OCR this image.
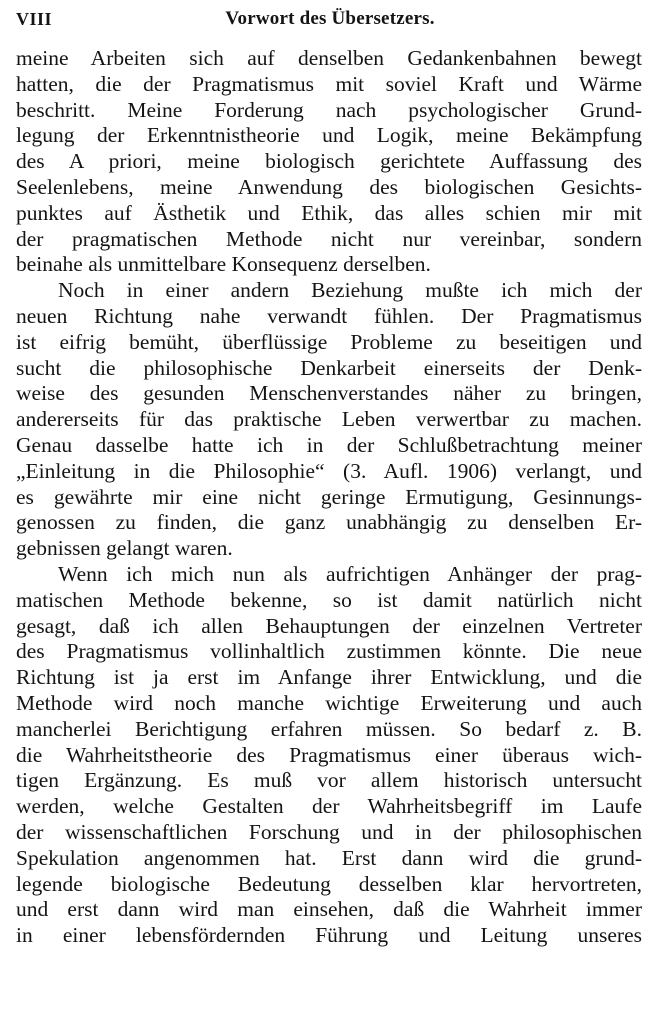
VIII	Vorwort des Übersetzers.
meine Arbeiten sich auf denselben Gedankenbahnen bewegt
hatten, die der Pragmatismus mit soviel Kraft und Wärme
beschritt. Meine Forderung nach psychologischer Grund-
legung der Erkenntnistheorie und Logik, meine Bekämpfung
des A priori, meine biologisch gerichtete Auffassung des
Seelenlebens, meine Anwendung des biologischen Gesichts-
punktes auf Ästhetik und Ethik, das alles schien mir mit
der pragmatischen Methode nicht nur vereinbar, sondern
beinahe als unmittelbare Konsequenz derselben.
Noch in einer andern Beziehung mußte ich mich der
neuen Richtung nahe verwandt fühlen. Der Pragmatismus
ist eifrig bemüht, überflüssige Probleme zu beseitigen und
sucht die philosophische Denkarbeit einerseits der Denk-
weise des gesunden Menschenverstandes näher zu bringen,
andererseits für das praktische Leben verwertbar zu machen.
Genau dasselbe hatte ich in der Schlußbetrachtung meiner
„Einleitung in die Philosophie“ (3. Aufl. 1906) verlangt, und
es gewährte mir eine nicht geringe Ermutigung, Gesinnungs-
genossen zu finden, die ganz unabhängig zu denselben Er-
gebnissen gelangt waren.
Wenn ich mich nun als aufrichtigen Anhänger der prag-
matischen Methode bekenne, so ist damit natürlich nicht
gesagt, daß ich allen Behauptungen der einzelnen Vertreter
des Pragmatismus vollinhaltlich zustimmen könnte. Die neue
Richtung ist ja erst im Anfange ihrer Entwicklung, und die
Methode wird noch manche wichtige Erweiterung und auch
mancherlei Berichtigung erfahren müssen. So bedarf z. B.
die Wahrheitstheorie des Pragmatismus einer überaus wich-
tigen Ergänzung. Es muß vor allem historisch untersucht
werden, welche Gestalten der Wahrheitsbegriff im Laufe
der wissenschaftlichen Forschung und in der philosophischen
Spekulation angenommen hat. Erst dann wird die grund-
legende biologische Bedeutung desselben klar hervortreten,
und erst dann wird man einsehen, daß die Wahrheit immer
in einer lebensfördernden Führung und Leitung unseres
